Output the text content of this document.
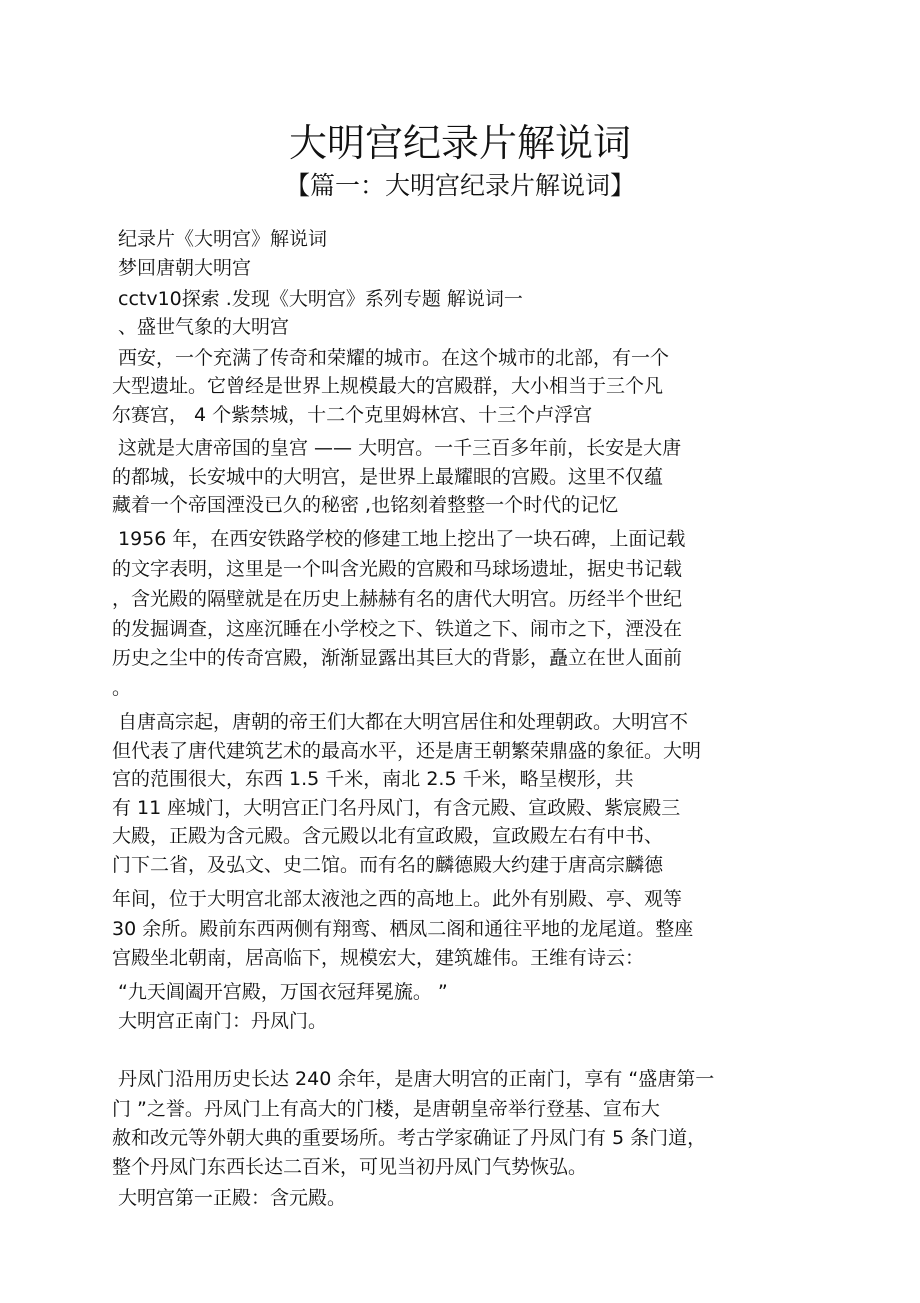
大明宫纪录片解说词
【篇一：大明宫纪录片解说词】
纪录片《大明宫》解说词
梦回唐朝大明宫
cctv10探索 .发现《大明宫》系列专题 解说词一
、盛世气象的大明宫
西安，一个充满了传奇和荣耀的城市。在这个城市的北部，有一个
大型遗址。它曾经是世界上规模最大的宫殿群，大小相当于三个凡
尔赛宫， 4 个紫禁城，十二个克里姆林宫、十三个卢浮宫
这就是大唐帝国的皇宫 —— 大明宫。一千三百多年前，长安是大唐
的都城，长安城中的大明宫，是世界上最耀眼的宫殿。这里不仅蕴
藏着一个帝国湮没已久的秘密 ,也铭刻着整整一个时代的记忆
1956 年，在西安铁路学校的修建工地上挖出了一块石碑，上面记载
的文字表明，这里是一个叫含光殿的宫殿和马球场遗址，据史书记载
，含光殿的隔壁就是在历史上赫赫有名的唐代大明宫。历经半个世纪
的发掘调查，这座沉睡在小学校之下、铁道之下、闹市之下，湮没在
历史之尘中的传奇宫殿，渐渐显露出其巨大的背影，矗立在世人面前
。
自唐高宗起，唐朝的帝王们大都在大明宫居住和处理朝政。大明宫不
但代表了唐代建筑艺术的最高水平，还是唐王朝繁荣鼎盛的象征。大明
宫的范围很大，东西 1.5 千米，南北 2.5 千米，略呈楔形，共
有 11 座城门，大明宫正门名丹凤门，有含元殿、宣政殿、紫宸殿三
大殿，正殿为含元殿。含元殿以北有宣政殿，宣政殿左右有中书、
门下二省，及弘文、史二馆。而有名的麟德殿大约建于唐高宗麟德
年间，位于大明宫北部太液池之西的高地上。此外有别殿、亭、观等
30 余所。殿前东西两侧有翔鸾、栖凤二阁和通往平地的龙尾道。整座
宫殿坐北朝南，居高临下，规模宏大，建筑雄伟。王维有诗云：
“九天阊阖开宫殿，万国衣冠拜冕旒。 ”
大明宫正南门：丹凤门。
丹凤门沿用历史长达 240 余年，是唐大明宫的正南门，享有 “盛唐第一
门 ”之誉。丹凤门上有高大的门楼，是唐朝皇帝举行登基、宣布大
赦和改元等外朝大典的重要场所。考古学家确证了丹凤门有 5 条门道，
整个丹凤门东西长达二百米，可见当初丹凤门气势恢弘。
大明宫第一正殿：含元殿。
